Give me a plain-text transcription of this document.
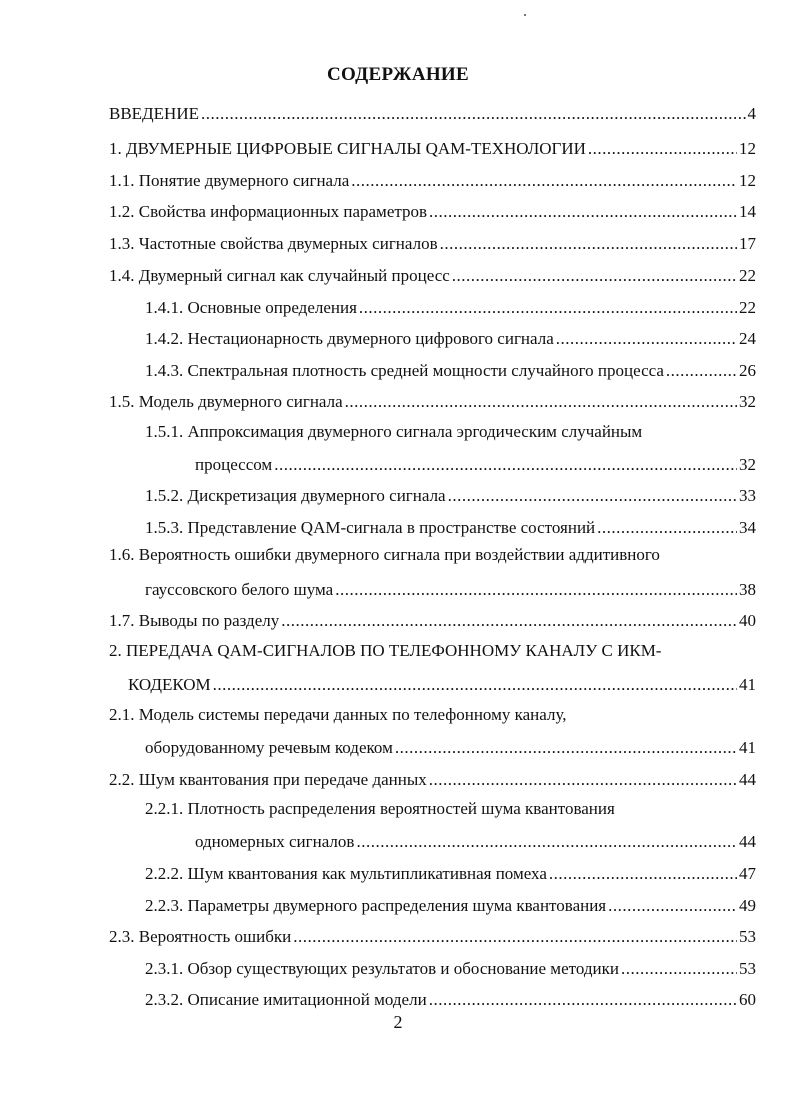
СОДЕРЖАНИЕ
ВВЕДЕНИЕ .....	4
1. ДВУМЕРНЫЕ ЦИФРОВЫЕ СИГНАЛЫ QAM-ТЕХНОЛОГИИ .....	12
1.1. Понятие двумерного сигнала .....	12
1.2. Свойства информационных параметров .....	14
1.3. Частотные свойства двумерных сигналов .....	17
1.4. Двумерный сигнал как случайный процесс .....	22
1.4.1. Основные определения .....	22
1.4.2. Нестационарность двумерного цифрового сигнала .....	24
1.4.3. Спектральная плотность средней мощности случайного процесса .....	26
1.5. Модель двумерного сигнала .....	32
1.5.1. Аппроксимация двумерного сигнала эргодическим случайным
процессом .....	32
1.5.2. Дискретизация двумерного сигнала .....	33
1.5.3. Представление QAM-сигнала в пространстве состояний .....	34
1.6. Вероятность ошибки двумерного сигнала при воздействии аддитивного
гауссовского белого шума .....	38
1.7. Выводы по разделу .....	40
2. ПЕРЕДАЧА QAM-СИГНАЛОВ ПО ТЕЛЕФОННОМУ КАНАЛУ С ИКМ-
КОДЕКОМ .....	41
2.1. Модель системы передачи данных по телефонному каналу,
оборудованному речевым кодеком .....	41
2.2. Шум квантования при передаче данных .....	44
2.2.1. Плотность распределения вероятностей шума квантования
одномерных сигналов .....	44
2.2.2. Шум квантования как мультипликативная помеха .....	47
2.2.3. Параметры двумерного распределения шума квантования .....	49
2.3. Вероятность ошибки .....	53
2.3.1. Обзор существующих результатов и обоснование методики .....	53
2.3.2. Описание имитационной модели .....	60
2
